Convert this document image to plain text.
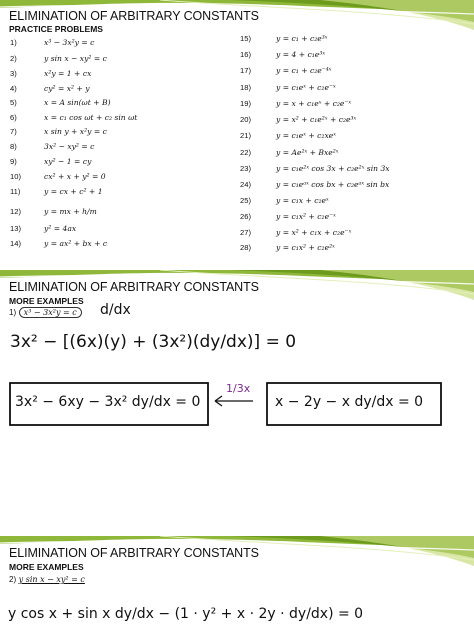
ELIMINATION OF ARBITRARY CONSTANTS
PRACTICE PROBLEMS
1)	x³ − 3x²y = c
2)	y sin x − xy² = c
3)	x²y = 1 + cx
4)	cy² = x² + y
5)	x = A sin(ωt + B)
6)	x = c₁ cos ωt + c₂ sin ωt
7)	x sin y + x²y = c
8)	3x² − xy² = c
9)	xy² − 1 = cy
10)	cx² + x + y² = 0
11)	y = cx + c² + 1
12)	y = mx + h/m
13)	y² = 4ax
14)	y = ax² + bx + c
15)	y = c₁ + c₂e³ˣ
16)	y = 4 + c₁e³ˣ
17)	y = c₁ + c₂e⁻⁴ˣ
18)	y = c₁eˣ + c₂e⁻ˣ
19)	y = x + c₁eˣ + c₂e⁻ˣ
20)	y = x² + c₁e²ˣ + c₂e³ˣ
21)	y = c₁eˣ + c₂xeˣ
22)	y = Ae²ˣ + Bxe²ˣ
23)	y = c₁e²ˣ cos 3x + c₂e²ˣ sin 3x
24)	y = c₁eᵃˣ cos bx + c₂eᵃˣ sin bx
25)	y = c₁x + c₂eˣ
26)	y = c₁x² + c₂e⁻ˣ
27)	y = x² + c₁x + c₂e⁻ˣ
28)	y = c₁x² + c₂e²ˣ
ELIMINATION OF ARBITRARY CONSTANTS
MORE EXAMPLES
1) x³ − 3x²y = c	d/dx
3x² − [(6x)(y) + (3x²)(dy/dx)] = 0
3x² − 6xy − 3x² dy/dx = 0
1/3x
x − 2y − x dy/dx = 0
ELIMINATION OF ARBITRARY CONSTANTS
MORE EXAMPLES
2) y sin x − xy² = c
y cos x + sin x dy/dx − (1 · y² + x · 2y · dy/dx) = 0
